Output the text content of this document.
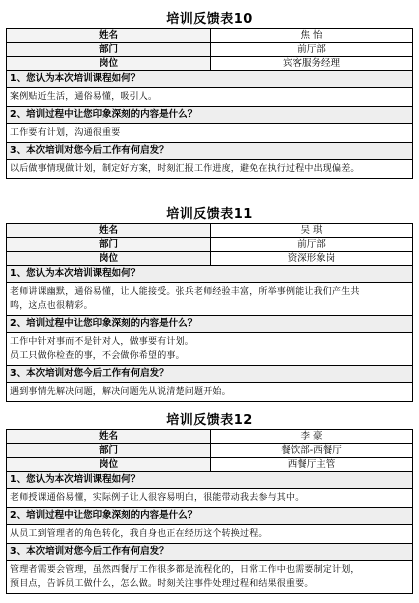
培训反馈表10
姓名	焦 怡
部门	前厅部
岗位	宾客服务经理
1、您认为本次培训课程如何？
案例贴近生活，通俗易懂，吸引人。
2、培训过程中让您印象深刻的内容是什么？
工作要有计划，沟通很重要
3、本次培训对您今后工作有何启发？
以后做事情现做计划，制定好方案，时刻汇报工作进度，避免在执行过程中出现偏差。
培训反馈表11
姓名	吴 琪
部门	前厅部
岗位	资深形象岗
1、您认为本次培训课程如何？
老师讲课幽默，通俗易懂，让人能接受。张兵老师经验丰富，所举事例能让我们产生共
鸣，这点也很精彩。
2、培训过程中让您印象深刻的内容是什么？
工作中针对事而不是针对人，做事要有计划。
员工只做你检查的事，不会做你希望的事。
3、本次培训对您今后工作有何启发？
遇到事情先解决问题，解决问题先从说清楚问题开始。
培训反馈表12
姓名	李 豪
部门	餐饮部-西餐厅
岗位	西餐厅主管
1、您认为本次培训课程如何？
老师授课通俗易懂，实际例子让人很容易明白，很能带动我去参与其中。
2、培训过程中让您印象深刻的内容是什么？
从员工到管理者的角色转化，我自身也正在经历这个转换过程。
3、本次培训对您今后工作有何启发？
管理者需要会管理，虽然西餐厅工作很多都是流程化的，日常工作中也需要制定计划，
预目点，告诉员工做什么，怎么做。时刻关注事件处理过程和结果很重要。
